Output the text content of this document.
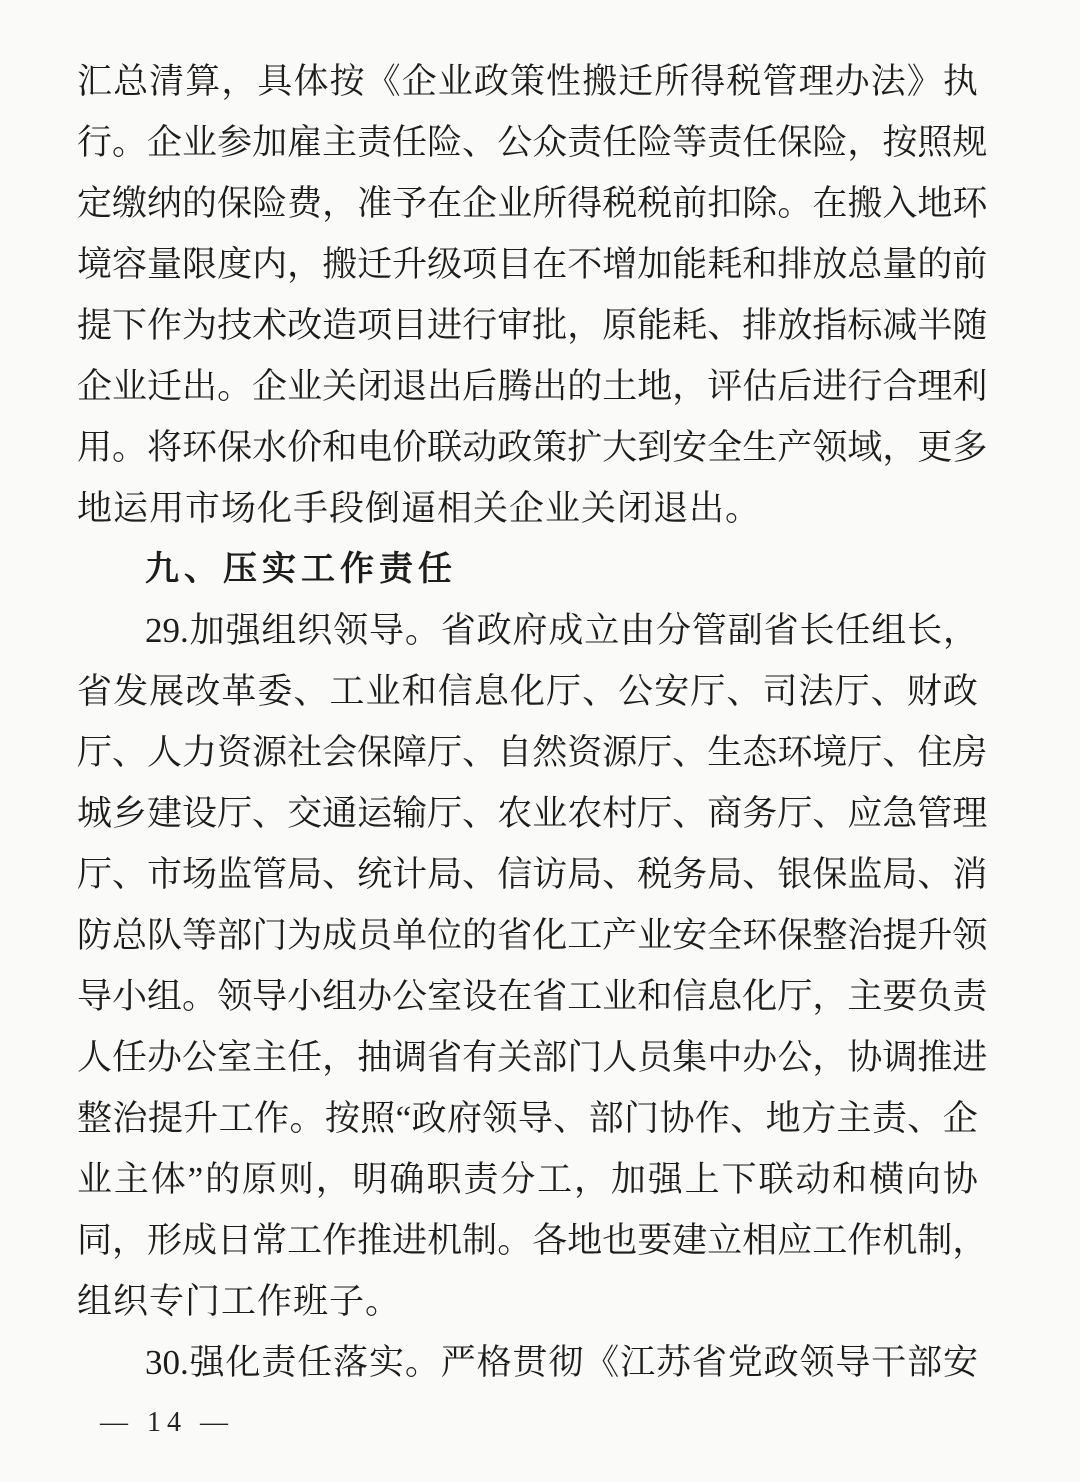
汇 总 清 算 ， 具 体 按 《 企 业 政 策 性 搬 迁 所 得 税 管 理 办 法 》 执
行 。 企 业 参 加 雇 主 责 任 险 、 公 众 责 任 险 等 责 任 保 险 ， 按 照 规
定 缴 纳 的 保 险 费 ， 准 予 在 企 业 所 得 税 税 前 扣 除 。 在 搬 入 地 环
境 容 量 限 度 内 ， 搬 迁 升 级 项 目 在 不 增 加 能 耗 和 排 放 总 量 的 前
提 下 作 为 技 术 改 造 项 目 进 行 审 批 ， 原 能 耗 、 排 放 指 标 减 半 随
企 业 迁 出 。 企 业 关 闭 退 出 后 腾 出 的 土 地 ， 评 估 后 进 行 合 理 利
用 。 将 环 保 水 价 和 电 价 联 动 政 策 扩 大 到 安 全 生 产 领 域 ， 更 多
地运用市场化手段倒逼相关企业关闭退出。
九、压实工作责任
29. 加 强 组 织 领 导 。 省 政 府 成 立 由 分 管 副 省 长 任 组 长 ，
省 发 展 改 革 委 、 工 业 和 信 息 化 厅 、 公 安 厅 、 司 法 厅 、 财 政
厅 、 人 力 资 源 社 会 保 障 厅 、 自 然 资 源 厅 、 生 态 环 境 厅 、 住 房
城 乡 建 设 厅 、 交 通 运 输 厅 、 农 业 农 村 厅 、 商 务 厅 、 应 急 管 理
厅 、 市 场 监 管 局 、 统 计 局 、 信 访 局 、 税 务 局 、 银 保 监 局 、 消
防 总 队 等 部 门 为 成 员 单 位 的 省 化 工 产 业 安 全 环 保 整 治 提 升 领
导 小 组 。 领 导 小 组 办 公 室 设 在 省 工 业 和 信 息 化 厅 ， 主 要 负 责
人 任 办 公 室 主 任 ， 抽 调 省 有 关 部 门 人 员 集 中 办 公 ， 协 调 推 进
整 治 提 升 工 作 。 按 照 “ 政 府 领 导 、 部 门 协 作 、 地 方 主 责 、 企
业 主 体 ” 的 原 则 ， 明 确 职 责 分 工 ， 加 强 上 下 联 动 和 横 向 协
同 ， 形 成 日 常 工 作 推 进 机 制 。 各 地 也 要 建 立 相 应 工 作 机 制 ，
组织专门工作班子。
30. 强 化 责 任 落 实 。 严 格 贯 彻 《 江 苏 省 党 政 领 导 干 部 安
— 14 —
